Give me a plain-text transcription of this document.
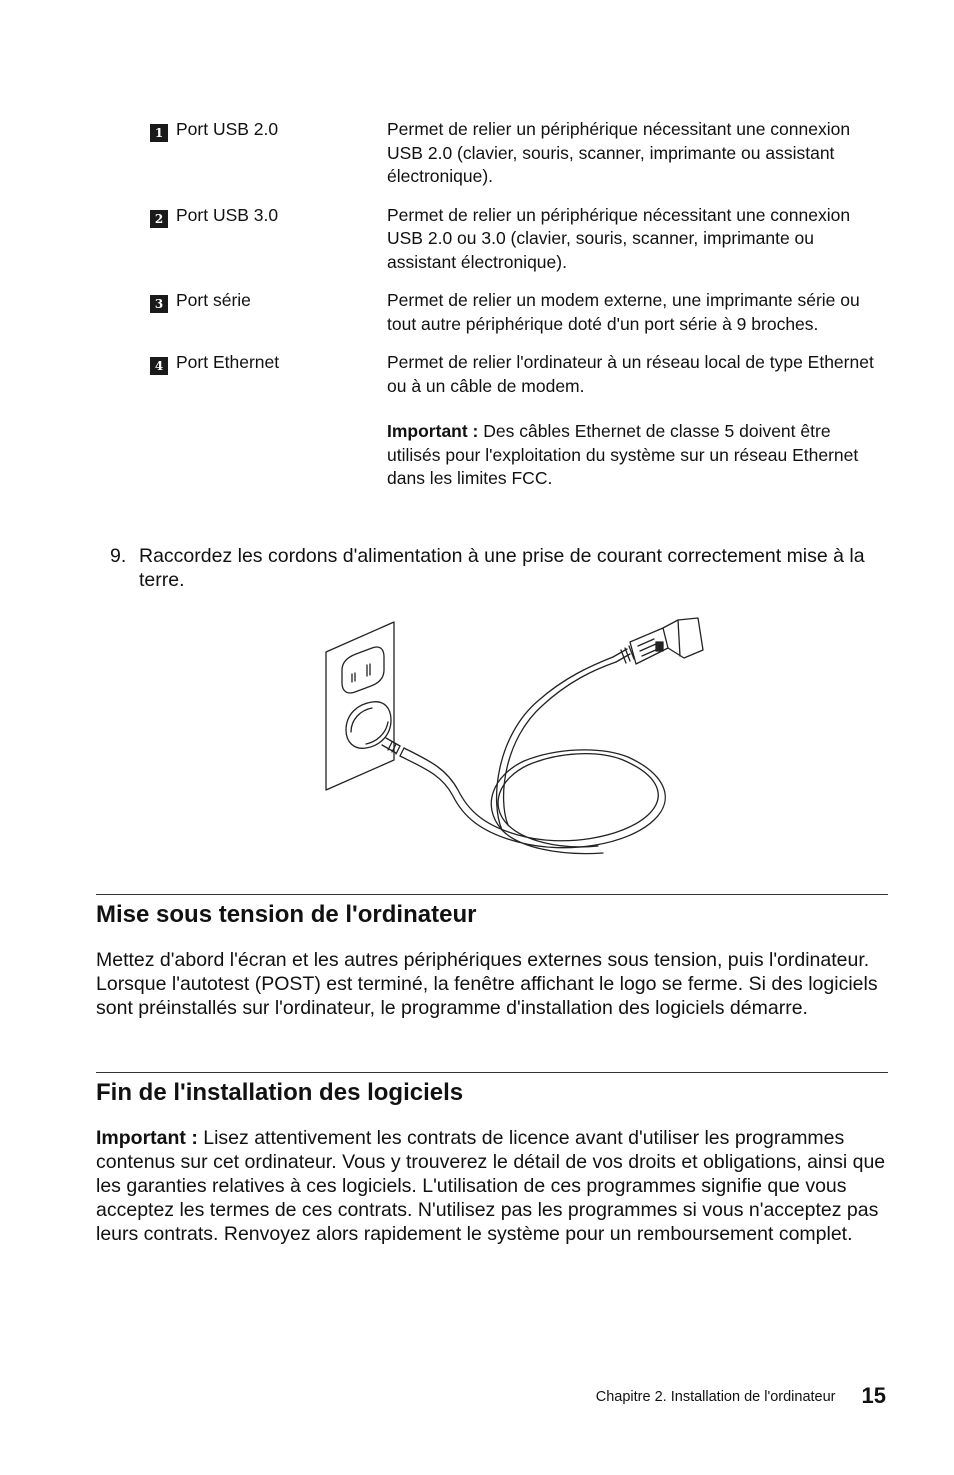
1 Port USB 2.0	Permet de relier un périphérique nécessitant une connexion USB 2.0 (clavier, souris, scanner, imprimante ou assistant électronique).

2 Port USB 3.0	Permet de relier un périphérique nécessitant une connexion USB 2.0 ou 3.0 (clavier, souris, scanner, imprimante ou assistant électronique).

3 Port série	Permet de relier un modem externe, une imprimante série ou tout autre périphérique doté d'un port série à 9 broches.

4 Port Ethernet	Permet de relier l'ordinateur à un réseau local de type Ethernet ou à un câble de modem.

Important : Des câbles Ethernet de classe 5 doivent être utilisés pour l'exploitation du système sur un réseau Ethernet dans les limites FCC.

9. Raccordez les cordons d'alimentation à une prise de courant correctement mise à la terre.
Mise sous tension de l'ordinateur

Mettez d'abord l'écran et les autres périphériques externes sous tension, puis l'ordinateur. Lorsque l'autotest (POST) est terminé, la fenêtre affichant le logo se ferme. Si des logiciels sont préinstallés sur l'ordinateur, le programme d'installation des logiciels démarre.

Fin de l'installation des logiciels

Important : Lisez attentivement les contrats de licence avant d'utiliser les programmes contenus sur cet ordinateur. Vous y trouverez le détail de vos droits et obligations, ainsi que les garanties relatives à ces logiciels. L'utilisation de ces programmes signifie que vous acceptez les termes de ces contrats. N'utilisez pas les programmes si vous n'acceptez pas leurs contrats. Renvoyez alors rapidement le système pour un remboursement complet.

Chapitre 2. Installation de l'ordinateur 15
